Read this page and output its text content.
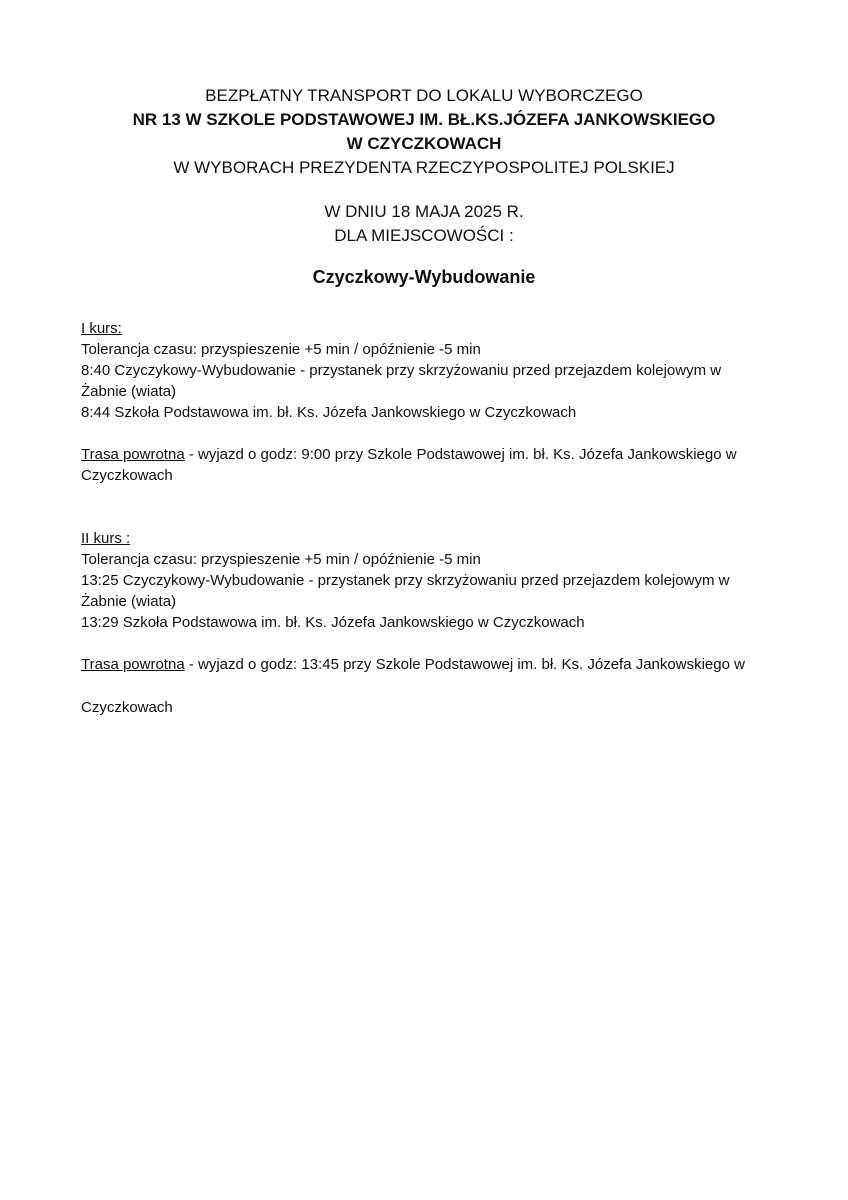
BEZPŁATNY TRANSPORT DO LOKALU WYBORCZEGO
NR 13 W SZKOLE PODSTAWOWEJ IM. BŁ.KS.JÓZEFA JANKOWSKIEGO
W CZYCZKOWACH
W WYBORACH PREZYDENTA RZECZYPOSPOLITEJ POLSKIEJ
W DNIU 18 MAJA 2025 R.
DLA MIEJSCOWOŚCI :
Czyczkowy-Wybudowanie
I kurs:
Tolerancja czasu: przyspieszenie +5 min / opóźnienie -5 min
8:40 Czyczykowy-Wybudowanie - przystanek przy skrzyżowaniu przed przejazdem kolejowym w
Żabnie (wiata)
8:44 Szkoła Podstawowa im. bł. Ks. Józefa Jankowskiego w Czyczkowach
Trasa powrotna - wyjazd o godz: 9:00 przy Szkole Podstawowej im. bł. Ks. Józefa Jankowskiego w
Czyczkowach
II kurs :
Tolerancja czasu: przyspieszenie +5 min / opóźnienie -5 min
13:25 Czyczykowy-Wybudowanie - przystanek przy skrzyżowaniu przed przejazdem kolejowym w
Żabnie (wiata)
13:29 Szkoła Podstawowa im. bł. Ks. Józefa Jankowskiego w Czyczkowach
Trasa powrotna - wyjazd o godz: 13:45 przy Szkole Podstawowej im. bł. Ks. Józefa Jankowskiego w
Czyczkowach
